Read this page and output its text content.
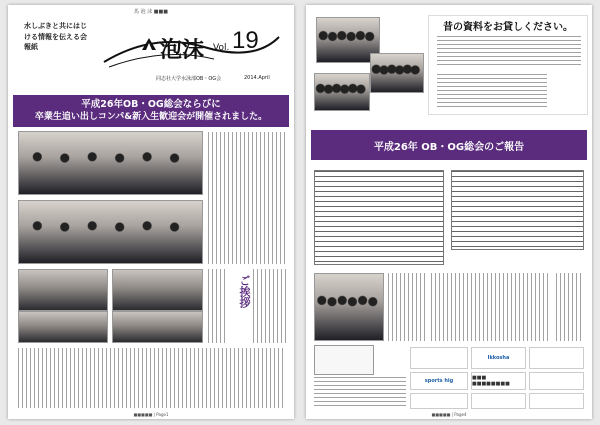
馬 泡 沫 ■■■
水しぶきと共にはじける情報を伝える会報紙	泡沫 Vol. 19
同志社大学水泳部OB・OG会	2014.April
平成26年OB・OG総会ならびに
卒業生追い出しコンパ&新入生歓迎会が開催されました。
ご挨拶
■■■■■ | Page1
昔の資料をお貸しください。
平成26年 OB・OG総会のご報告
Ikkosha
sports hig	■■■ ■■■■■■■■
■■■■■ | Page4
